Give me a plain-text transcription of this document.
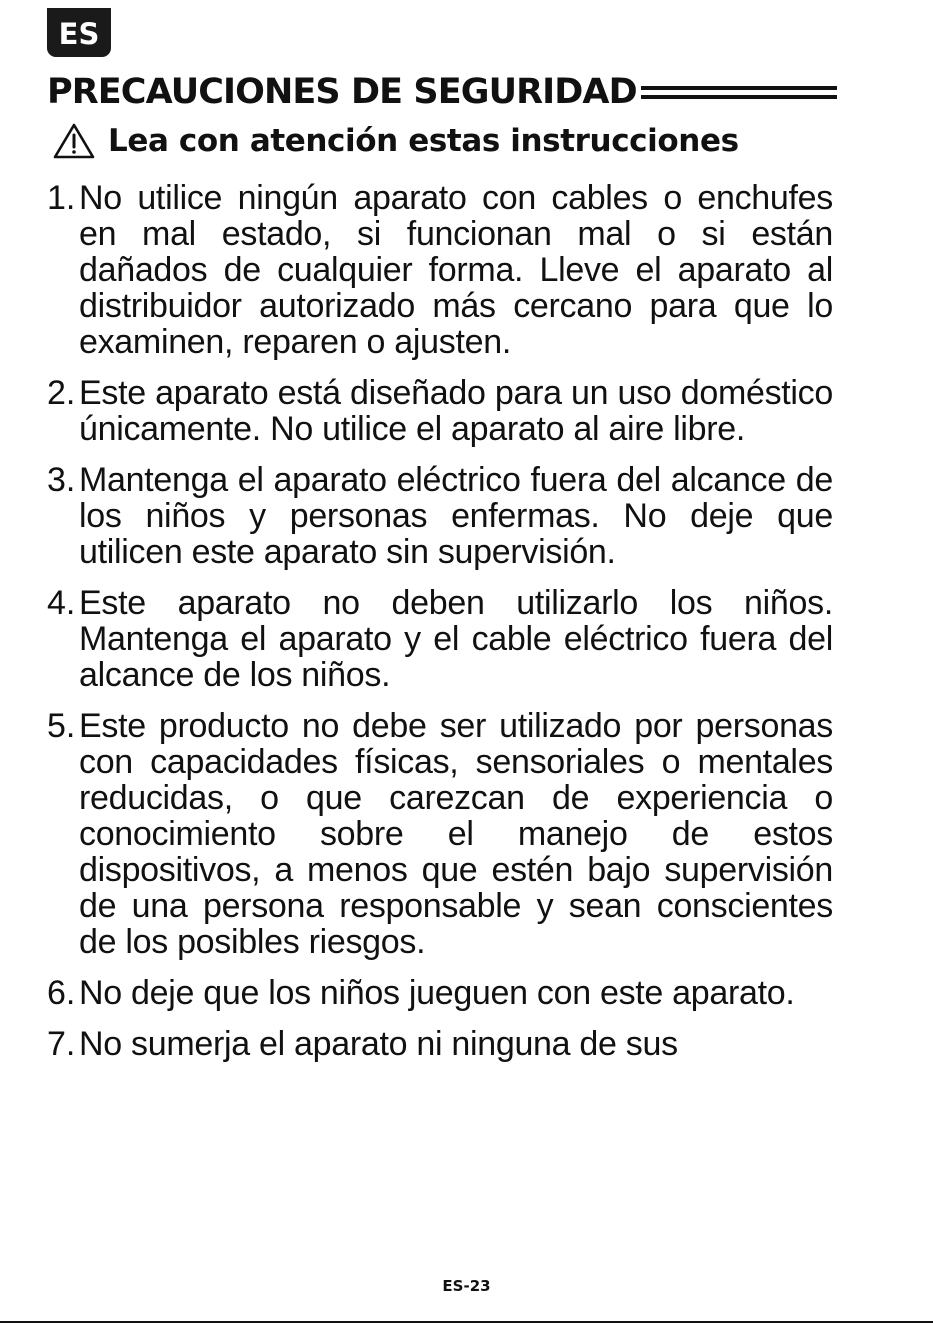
ES
PRECAUCIONES DE SEGURIDAD
Lea con atención estas instrucciones
1. No utilice ningún aparato con cables o enchufes en mal estado, si funcionan mal o si están dañados de cualquier forma. Lleve el aparato al distribuidor autorizado más cercano para que lo examinen, reparen o ajusten.
2. Este aparato está diseñado para un uso doméstico únicamente. No utilice el aparato al aire libre.
3. Mantenga el aparato eléctrico fuera del alcance de los niños y personas enfermas. No deje que utilicen este aparato sin supervisión.
4. Este aparato no deben utilizarlo los niños. Mantenga el aparato y el cable eléctrico fuera del alcance de los niños.
5. Este producto no debe ser utilizado por personas con capacidades físicas, sensoriales o mentales reducidas, o que carezcan de experiencia o conocimiento sobre el manejo de estos dispositivos, a menos que estén bajo supervisión de una persona responsable y sean conscientes de los posibles riesgos.
6. No deje que los niños jueguen con este aparato.
7. No sumerja el aparato ni ninguna de sus
ES-23
